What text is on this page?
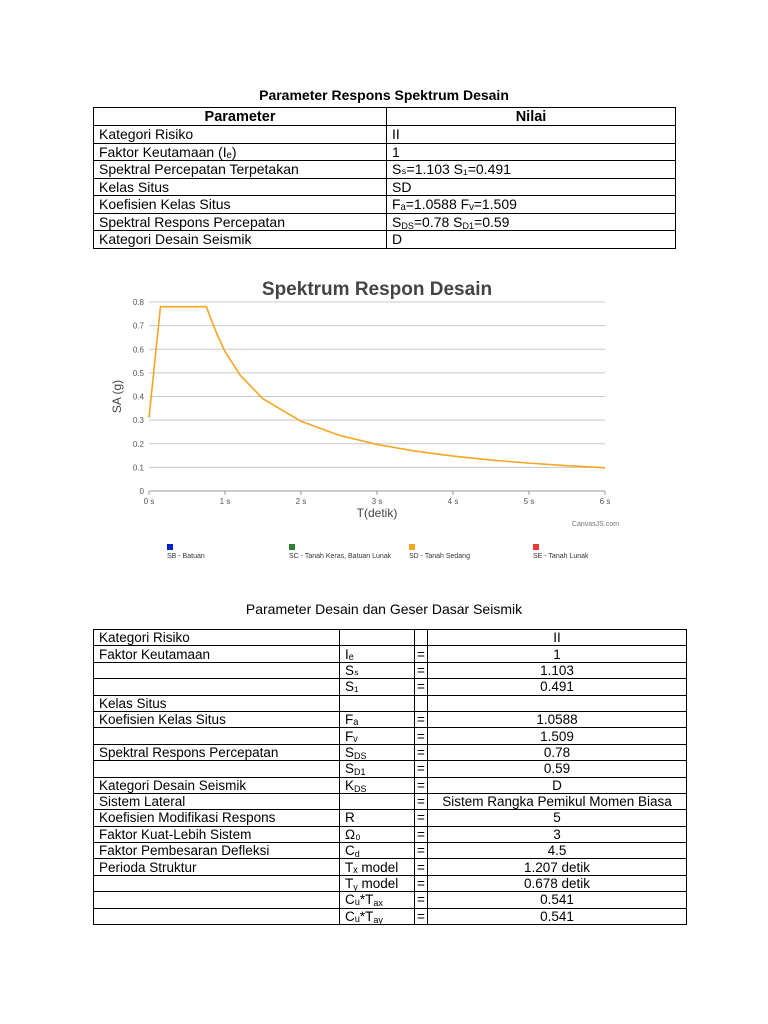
Parameter Respons Spektrum Desain
Parameter	Nilai
Kategori Risiko	II
Faktor Keutamaan (Iₑ)	1
Spektral Percepatan Terpetakan	Sₛ=1.103 S₁=0.491
Kelas Situs	SD
Koefisien Kelas Situs	Fₐ=1.0588 Fᵥ=1.509
Spektral Respons Percepatan	$S_{DS}=0.78$ $S_{D1}=0.59$
Kategori Desain Seismik	D
Spektrum Respon Desain
0
0.1
0.2
0.3
0.4
0.5
0.6
0.7
0.8
0 s	1 s	2 s	3 s	4 s	5 s	6 s
T(detik)
SA (g)
CanvasJS.com
SB - Batuan	SC - Tanah Keras, Batuan Lunak	SD - Tanah Sedang	SE - Tanah Lunak
Parameter Desain dan Geser Dasar Seismik
Kategori Risiko			II
Faktor Keutamaan	Iₑ	=	1
	Sₛ	=	1.103
	S₁	=	0.491
Kelas Situs			
Koefisien Kelas Situs	Fₐ	=	1.0588
	Fᵥ	=	1.509
Spektral Respons Percepatan	$S_{DS}$	=	0.78
	$S_{D1}$	=	0.59
Kategori Desain Seismik	$K_{DS}$	=	D
Sistem Lateral		=	Sistem Rangka Pemikul Momen Biasa
Koefisien Modifikasi Respons	R	=	5
Faktor Kuat-Lebih Sistem	Ω₀	=	3
Faktor Pembesaran Defleksi	$C_d$	=	4.5
Perioda Struktur	Tₓ model	=	1.207 detik
	$T_y$ model	=	0.678 detik
	$Cᵤ*T_{ax}$	=	0.541
	$Cᵤ*T_{ay}$	=	0.541
